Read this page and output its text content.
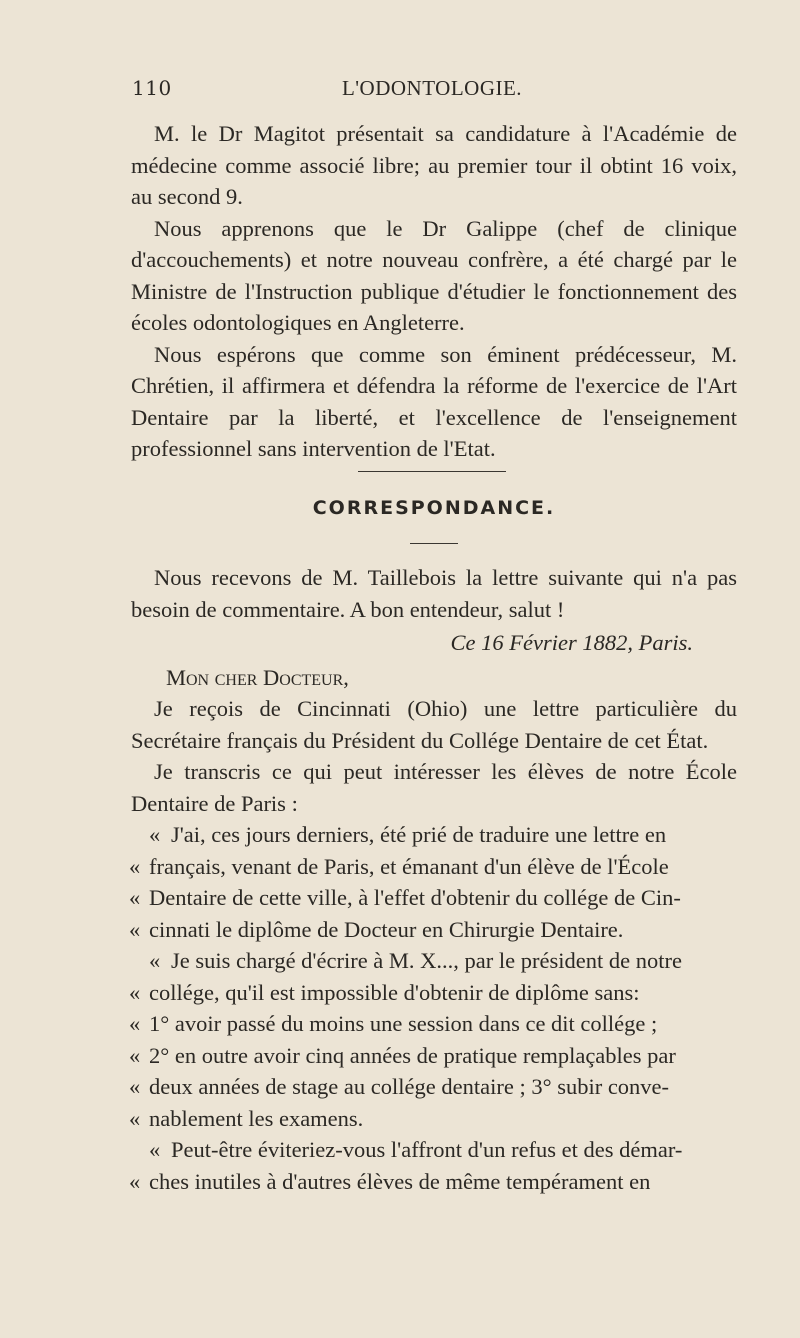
110	L'ODONTOLOGIE.

M. le Dr Magitot présentait sa candidature à l'Académie de médecine comme associé libre; au premier tour il obtint 16 voix, au second 9.

Nous apprenons que le Dr Galippe (chef de clinique d'accouchements) et notre nouveau confrère, a été chargé par le Ministre de l'Instruction publique d'étudier le fonctionnement des écoles odontologiques en Angleterre.

Nous espérons que comme son éminent prédécesseur, M. Chrétien, il affirmera et défendra la réforme de l'exercice de l'Art Dentaire par la liberté, et l'excellence de l'enseignement professionnel sans intervention de l'Etat.

CORRESPONDANCE.

Nous recevons de M. Taillebois la lettre suivante qui n'a pas besoin de commentaire. A bon entendeur, salut !

Ce 16 Février 1882, Paris.

Mon cher Docteur,

Je reçois de Cincinnati (Ohio) une lettre particulière du Secrétaire français du Président du Collége Dentaire de cet État.

Je transcris ce qui peut intéresser les élèves de notre École Dentaire de Paris :

« J'ai, ces jours derniers, été prié de traduire une lettre en

« français, venant de Paris, et émanant d'un élève de l'École

« Dentaire de cette ville, à l'effet d'obtenir du collége de Cin-

« cinnati le diplôme de Docteur en Chirurgie Dentaire.

« Je suis chargé d'écrire à M. X..., par le président de notre

« collége, qu'il est impossible d'obtenir de diplôme sans:

« 1° avoir passé du moins une session dans ce dit collége ;

« 2° en outre avoir cinq années de pratique remplaçables par

« deux années de stage au collége dentaire ; 3° subir conve-

« nablement les examens.

« Peut-être éviteriez-vous l'affront d'un refus et des démar-

« ches inutiles à d'autres élèves de même tempérament en
